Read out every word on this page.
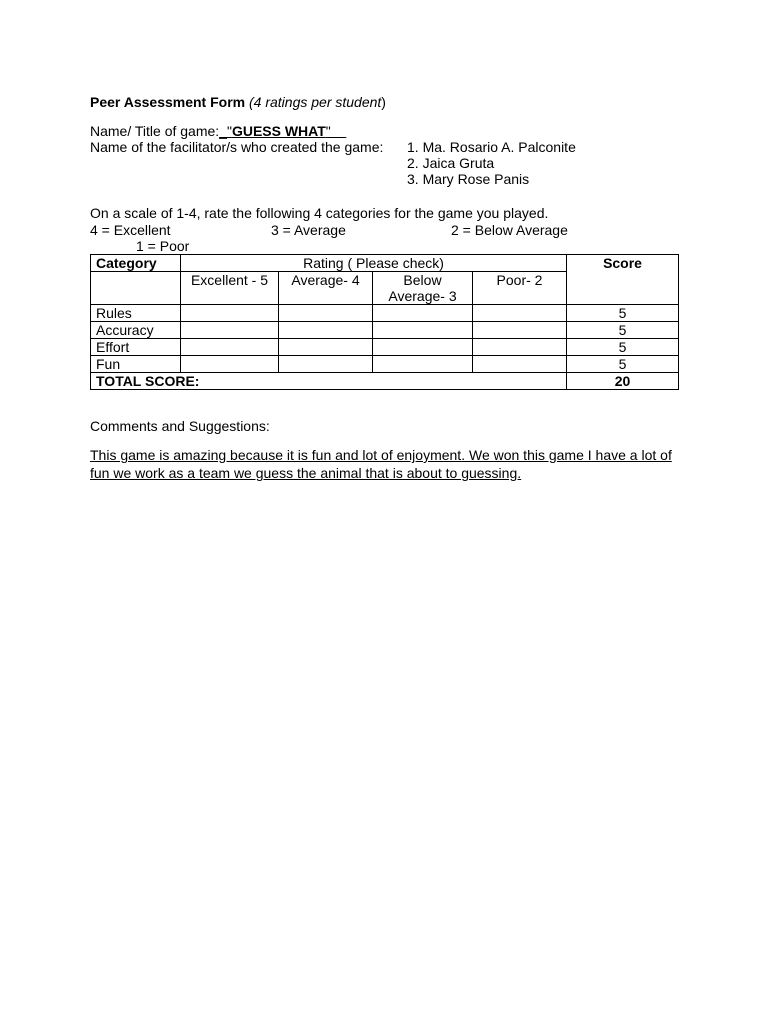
Peer Assessment Form (4 ratings per student)
Name/ Title of game:_"GUESS WHAT"
Name of the facilitator/s who created the game: 1. Ma. Rosario A. Palconite
2. Jaica Gruta
3. Mary Rose Panis
On a scale of 1-4, rate the following 4 categories for the game you played.
4 = Excellent	3 = Average	2 = Below Average
1 = Poor
Category	Rating ( Please check)				Score
	Excellent - 5	Average- 4	Below Average- 3	Poor- 2	
Rules					5
Accuracy					5
Effort					5
Fun					5
TOTAL SCORE:					20
Comments and Suggestions:
This game is amazing because it is fun and lot of enjoyment. We won this game I have a lot of fun we work as a team we guess the animal that is about to guessing.
